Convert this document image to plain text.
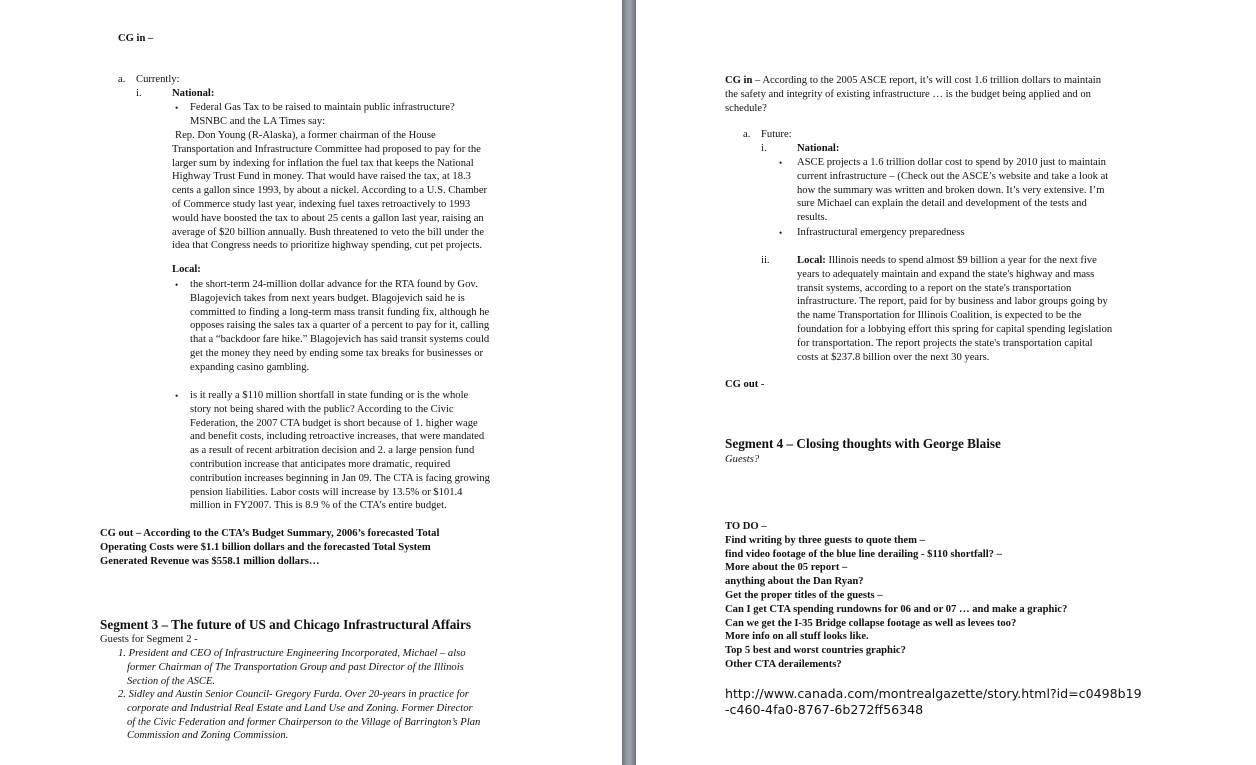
CG in –
a. Currently:
i.	National:
• Federal Gas Tax to be raised to maintain public infrastructure?

MSNBC and the LA Times say:

Rep. Don Young (R-Alaska), a former chairman of the House

Transportation and Infrastructure Committee had proposed to pay for the

larger sum by indexing for inflation the fuel tax that keeps the National

Highway Trust Fund in money. That would have raised the tax, at 18.3

cents a gallon since 1993, by about a nickel. According to a U.S. Chamber

of Commerce study last year, indexing fuel taxes retroactively to 1993

would have boosted the tax to about 25 cents a gallon last year, raising an

average of $20 billion annually. Bush threatened to veto the bill under the

idea that Congress needs to prioritize highway spending, cut pet projects.

Local:
• the short-term 24-million dollar advance for the RTA found by Gov.

Blagojevich takes from next years budget. Blagojevich said he is

committed to finding a long-term mass transit funding fix, although he

opposes raising the sales tax a quarter of a percent to pay for it, calling

that a “backdoor fare hike.” Blagojevich has said transit systems could

get the money they need by ending some tax breaks for businesses or

expanding casino gambling.

• is it really a $110 million shortfall in state funding or is the whole

story not being shared with the public? According to the Civic

Federation, the 2007 CTA budget is short because of 1. higher wage

and benefit costs, including retroactive increases, that were mandated

as a result of recent arbitration decision and 2. a large pension fund

contribution increase that anticipates more dramatic, required

contribution increases beginning in Jan 09. The CTA is facing growing

pension liabilities. Labor costs will increase by 13.5% or $101.4

million in FY2007. This is 8.9 % of the CTA’s entire budget.

CG out – According to the CTA’s Budget Summary, 2006’s forecasted Total

Operating Costs were $1.1 billion dollars and the forecasted Total System

Generated Revenue was $558.1 million dollars…

Segment 3 – The future of US and Chicago Infrastructural Affairs
Guests for Segment 2 -

1. President and CEO of Infrastructure Engineering Incorporated, Michael – also

former Chairman of The Transportation Group and past Director of the Illinois

Section of the ASCE.

2. Sidley and Austin Senior Council- Gregory Furda. Over 20-years in practice for

corporate and Industrial Real Estate and Land Use and Zoning. Former Director

of the Civic Federation and former Chairperson to the Village of Barrington’s Plan

Commission and Zoning Commission.

CG in – According to the 2005 ASCE report, it’s will cost 1.6 trillion dollars to maintain

the safety and integrity of existing infrastructure … is the budget being applied and on

schedule?

a. Future:
i.	National:
• ASCE projects a 1.6 trillion dollar cost to spend by 2010 just to maintain

current infrastructure – (Check out the ASCE’s website and take a look at

how the summary was written and broken down. It’s very extensive. I’m

sure Michael can explain the detail and development of the tests and

results.

• Infrastructural emergency preparedness
ii.	Local: Illinois needs to spend almost $9 billion a year for the next five

years to adequately maintain and expand the state's highway and mass

transit systems, according to a report on the state's transportation

infrastructure. The report, paid for by business and labor groups going by

the name Transportation for Illinois Coalition, is expected to be the

foundation for a lobbying effort this spring for capital spending legislation

for transportation. The report projects the state's transportation capital

costs at $237.8 billion over the next 30 years.

CG out -
Segment 4 – Closing thoughts with George Blaise
Guests?

TO DO –

Find writing by three guests to quote them –

find video footage of the blue line derailing - $110 shortfall? –

More about the 05 report –

anything about the Dan Ryan?

Get the proper titles of the guests –

Can I get CTA spending rundowns for 06 and or 07 … and make a graphic?

Can we get the I-35 Bridge collapse footage as well as levees too?

More info on all stuff looks like.

Top 5 best and worst countries graphic?

Other CTA derailements?

http://www.canada.com/montrealgazette/story.html?id=c0498b19

-c460-4fa0-8767-6b272ff56348
